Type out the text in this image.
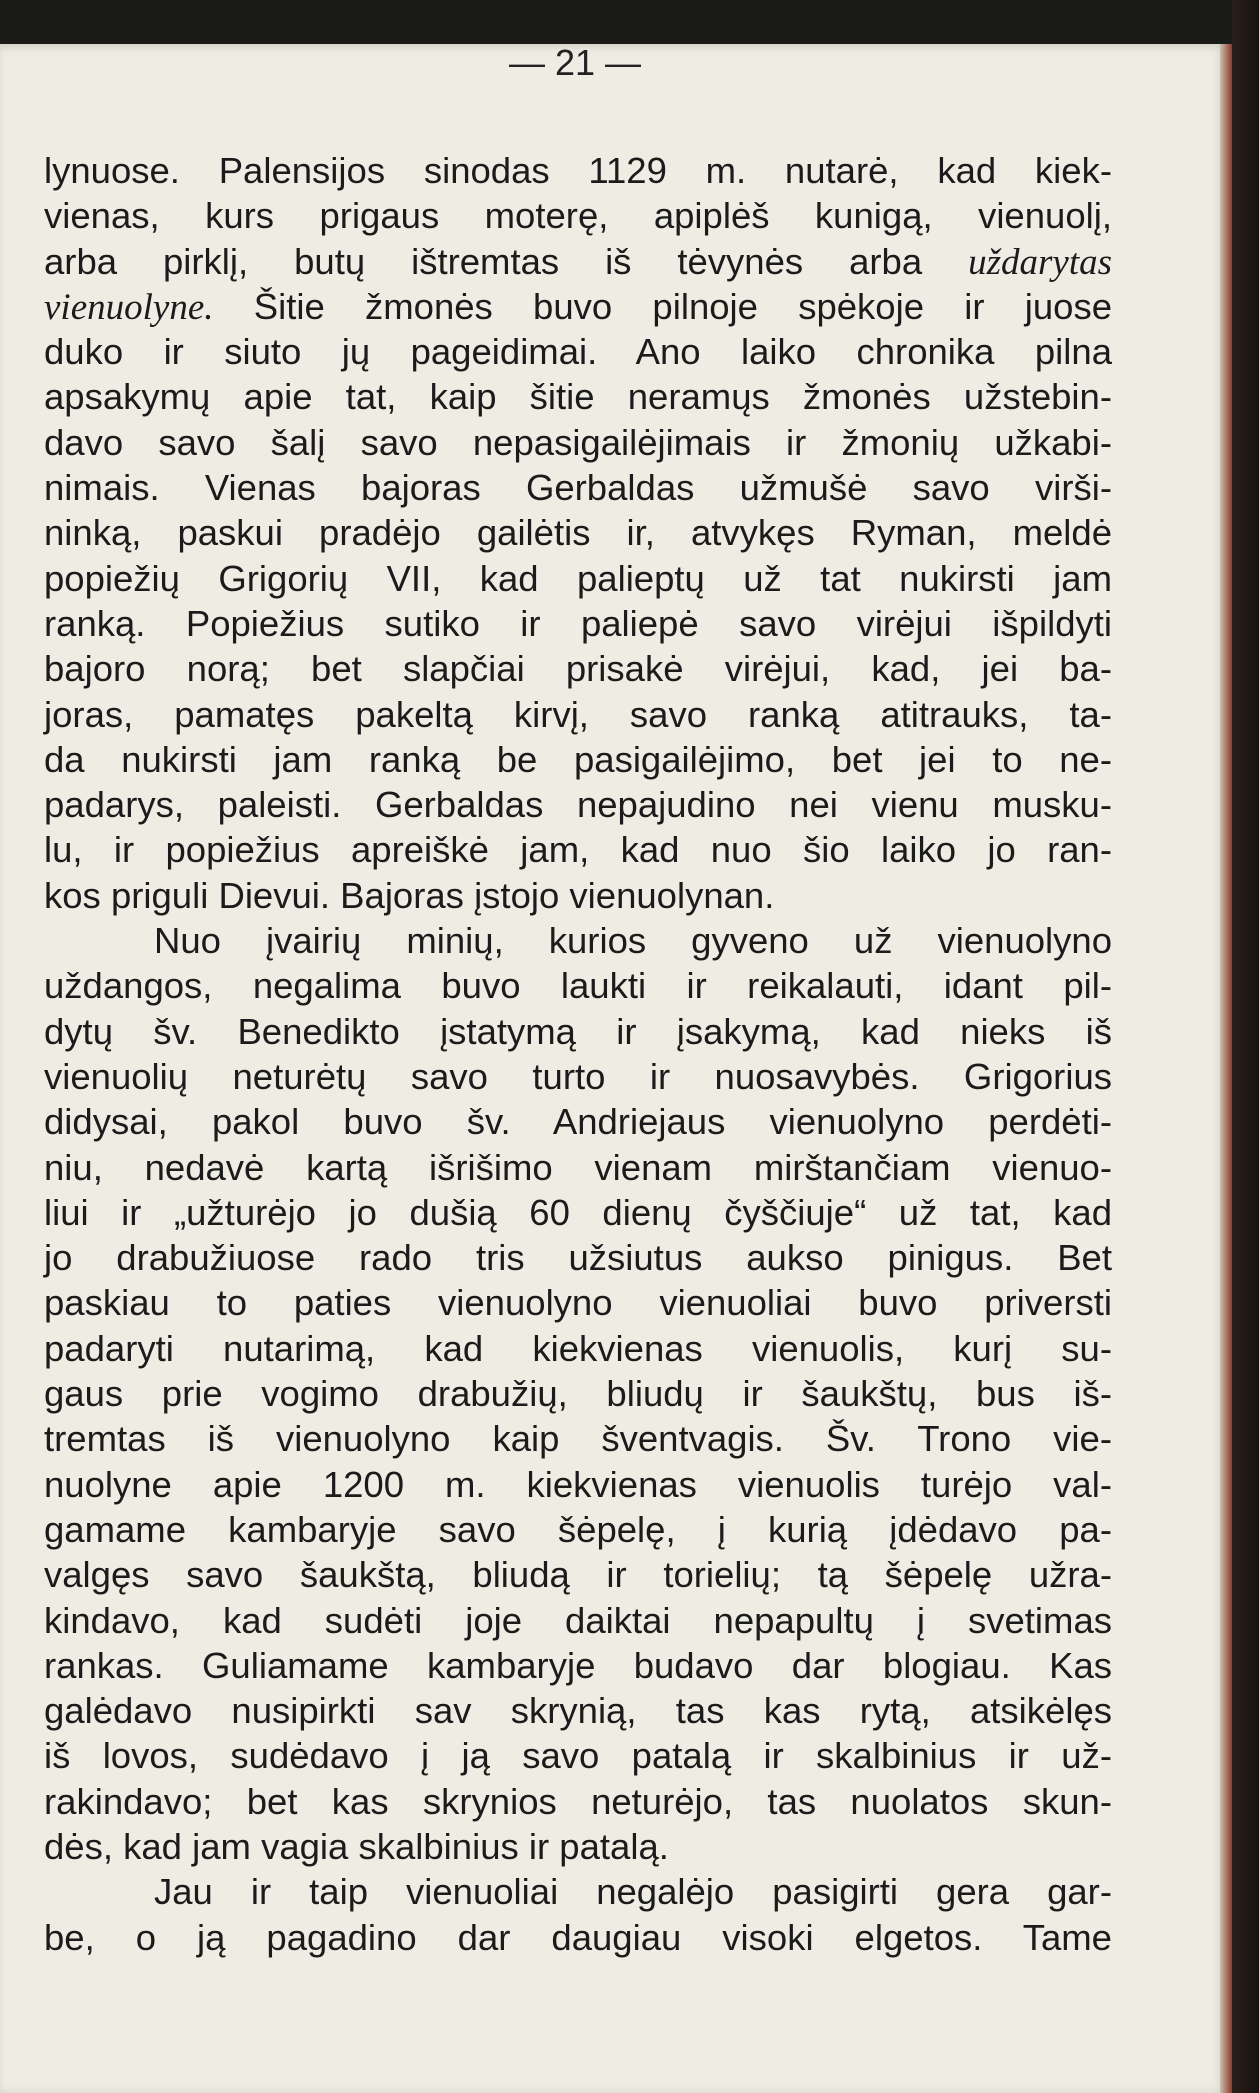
— 21 —
lynuose. Palensijos sinodas 1129 m. nutarė, kad kiek-
vienas, kurs prigaus moterę, apiplėš kunigą, vienuolį,
arba pirklį, butų ištremtas iš tėvynės arba uždarytas
vienuolyne. Šitie žmonės buvo pilnoje spėkoje ir juose
duko ir siuto jų pageidimai. Ano laiko chronika pilna
apsakymų apie tat, kaip šitie neramųs žmonės užstebin-
davo savo šalį savo nepasigailėjimais ir žmonių užkabi-
nimais. Vienas bajoras Gerbaldas užmušė savo virši-
ninką, paskui pradėjo gailėtis ir, atvykęs Ryman, meldė
popiežių Grigorių VII, kad palieptų už tat nukirsti jam
ranką. Popiežius sutiko ir paliepė savo virėjui išpildyti
bajoro norą; bet slapčiai prisakė virėjui, kad, jei ba-
joras, pamatęs pakeltą kirvį, savo ranką atitrauks, ta-
da nukirsti jam ranką be pasigailėjimo, bet jei to ne-
padarys, paleisti. Gerbaldas nepajudino nei vienu musku-
lu, ir popiežius apreiškė jam, kad nuo šio laiko jo ran-
kos priguli Dievui. Bajoras įstojo vienuolynan.
Nuo įvairių minių, kurios gyveno už vienuolyno
uždangos, negalima buvo laukti ir reikalauti, idant pil-
dytų šv. Benedikto įstatymą ir įsakymą, kad nieks iš
vienuolių neturėtų savo turto ir nuosavybės. Grigorius
didysai, pakol buvo šv. Andriejaus vienuolyno perdėti-
niu, nedavė kartą išrišimo vienam mirštančiam vienuo-
liui ir „užturėjo jo dušią 60 dienų čyščiuje“ už tat, kad
jo drabužiuose rado tris užsiutus aukso pinigus. Bet
paskiau to paties vienuolyno vienuoliai buvo priversti
padaryti nutarimą, kad kiekvienas vienuolis, kurį su-
gaus prie vogimo drabužių, bliudų ir šaukštų, bus iš-
tremtas iš vienuolyno kaip šventvagis. Šv. Trono vie-
nuolyne apie 1200 m. kiekvienas vienuolis turėjo val-
gamame kambaryje savo šėpelę, į kurią įdėdavo pa-
valgęs savo šaukštą, bliudą ir torielių; tą šėpelę užra-
kindavo, kad sudėti joje daiktai nepapultų į svetimas
rankas. Guliamame kambaryje budavo dar blogiau. Kas
galėdavo nusipirkti sav skrynią, tas kas rytą, atsikėlęs
iš lovos, sudėdavo į ją savo patalą ir skalbinius ir už-
rakindavo; bet kas skrynios neturėjo, tas nuolatos skun-
dės, kad jam vagia skalbinius ir patalą.
Jau ir taip vienuoliai negalėjo pasigirti gera gar-
be, o ją pagadino dar daugiau visoki elgetos. Tame
